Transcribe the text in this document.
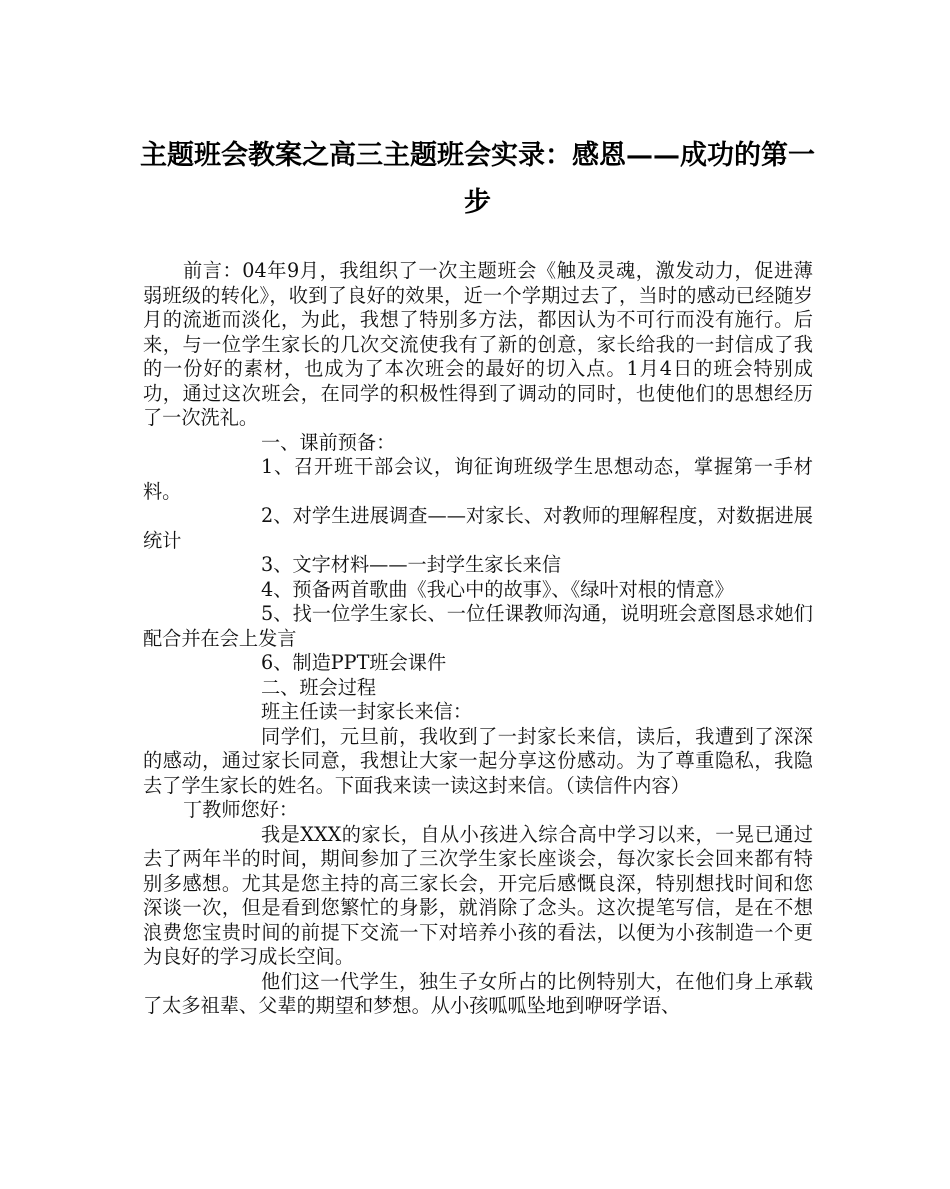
主题班会教案之高三主题班会实录：感恩——成功的第一步

前言：04年9月，我组织了一次主题班会《触及灵魂，激发动力，促进薄弱班级的转化》，收到了良好的效果，近一个学期过去了，当时的感动已经随岁月的流逝而淡化，为此，我想了特别多方法，都因认为不可行而没有施行。后来，与一位学生家长的几次交流使我有了新的创意，家长给我的一封信成了我的一份好的素材，也成为了本次班会的最好的切入点。1月4日的班会特别成功，通过这次班会，在同学的积极性得到了调动的同时，也使他们的思想经历了一次洗礼。

一、课前预备：

1、召开班干部会议，询征询班级学生思想动态，掌握第一手材料。

2、对学生进展调查——对家长、对教师的理解程度，对数据进展统计

3、文字材料——一封学生家长来信

4、预备两首歌曲《我心中的故事》、《绿叶对根的情意》

5、找一位学生家长、一位任课教师沟通，说明班会意图恳求她们配合并在会上发言

6、制造PPT班会课件

二、班会过程

班主任读一封家长来信：

同学们，元旦前，我收到了一封家长来信，读后，我遭到了深深的感动，通过家长同意，我想让大家一起分享这份感动。为了尊重隐私，我隐去了学生家长的姓名。下面我来读一读这封来信。（读信件内容）

丁教师您好：

我是XXX的家长，自从小孩进入综合高中学习以来，一晃已通过去了两年半的时间，期间参加了三次学生家长座谈会，每次家长会回来都有特别多感想。尤其是您主持的高三家长会，开完后感慨良深，特别想找时间和您深谈一次，但是看到您繁忙的身影，就消除了念头。这次提笔写信，是在不想浪费您宝贵时间的前提下交流一下对培养小孩的看法，以便为小孩制造一个更为良好的学习成长空间。

他们这一代学生，独生子女所占的比例特别大，在他们身上承载了太多祖辈、父辈的期望和梦想。从小孩呱呱坠地到咿呀学语、
